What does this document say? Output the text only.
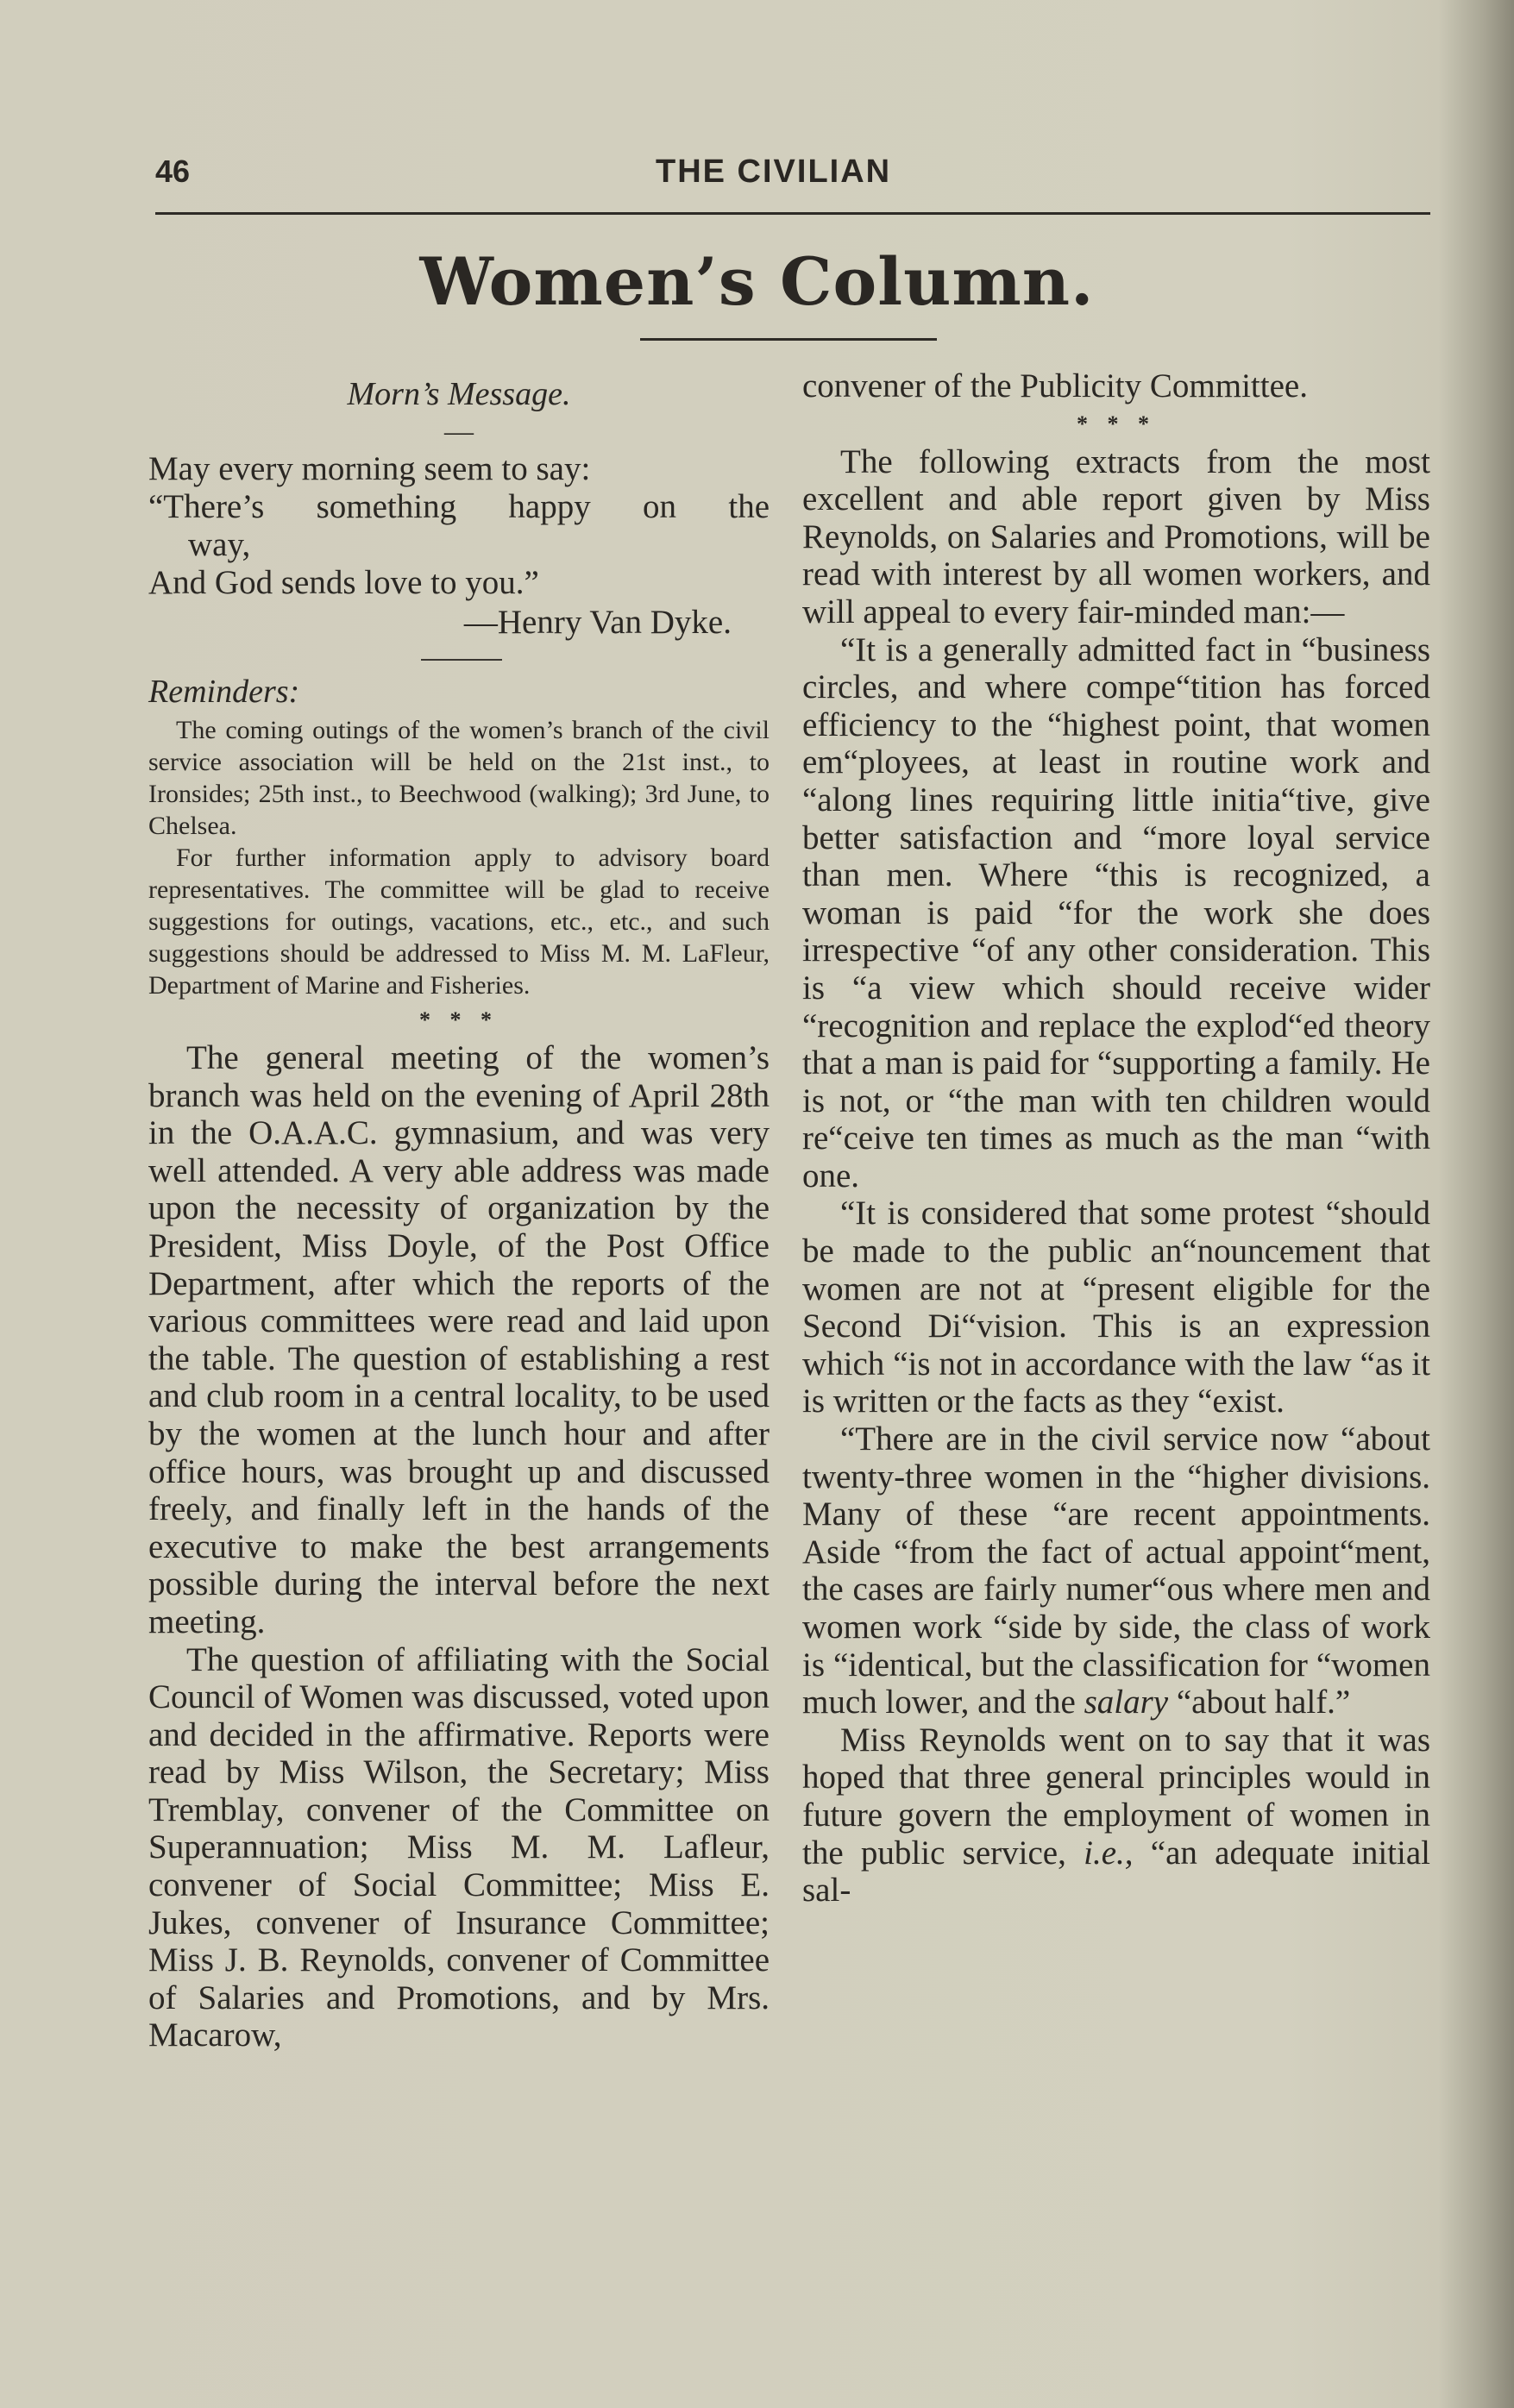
46	THE CIVILIAN
Women’s Column.

Morn’s Message.

—

May every morning seem to say:

“There’s something happy on the

way,

And God sends love to you.”

—Henry Van Dyke.

Reminders:

The coming outings of the women’s branch of the civil service association will be held on the 21st inst., to Ironsides; 25th inst., to Beechwood (walking); 3rd June, to Chelsea.

For further information apply to advisory board representatives. The committee will be glad to receive suggestions for outings, vacations, etc., etc., and such suggestions should be addressed to Miss M. M. LaFleur, Department of Marine and Fisheries.

* * *

The general meeting of the women’s branch was held on the evening of April 28th in the O.A.A.C. gymnasium, and was very well attended. A very able address was made upon the necessity of organization by the President, Miss Doyle, of the Post Office Department, after which the reports of the various committees were read and laid upon the table. The question of establishing a rest and club room in a central locality, to be used by the women at the lunch hour and after office hours, was brought up and discussed freely, and finally left in the hands of the executive to make the best arrangements possible during the interval before the next meeting.

The question of affiliating with the Social Council of Women was discussed, voted upon and decided in the affirmative. Reports were read by Miss Wilson, the Secretary; Miss Tremblay, convener of the Committee on Superannuation; Miss M. M. Lafleur, convener of Social Committee; Miss E. Jukes, convener of Insurance Committee; Miss J. B. Reynolds, convener of Committee of Salaries and Promotions, and by Mrs. Macarow,

convener of the Publicity Committee.

* * *

The following extracts from the most excellent and able report given by Miss Reynolds, on Salaries and Promotions, will be read with interest by all women workers, and will appeal to every fair-minded man:—

“It is a generally admitted fact in “business circles, and where compe“tition has forced efficiency to the “highest point, that women em“ployees, at least in routine work and “along lines requiring little initia“tive, give better satisfaction and “more loyal service than men. Where “this is recognized, a woman is paid “for the work she does irrespective “of any other consideration. This is “a view which should receive wider “recognition and replace the explod“ed theory that a man is paid for “supporting a family. He is not, or “the man with ten children would re“ceive ten times as much as the man “with one.

“It is considered that some protest “should be made to the public an“nouncement that women are not at “present eligible for the Second Di“vision. This is an expression which “is not in accordance with the law “as it is written or the facts as they “exist.

“There are in the civil service now “about twenty-three women in the “higher divisions. Many of these “are recent appointments. Aside “from the fact of actual appoint“ment, the cases are fairly numer“ous where men and women work “side by side, the class of work is “identical, but the classification for “women much lower, and the salary “about half.”

Miss Reynolds went on to say that it was hoped that three general principles would in future govern the employment of women in the public service, i.e., “an adequate initial sal-
